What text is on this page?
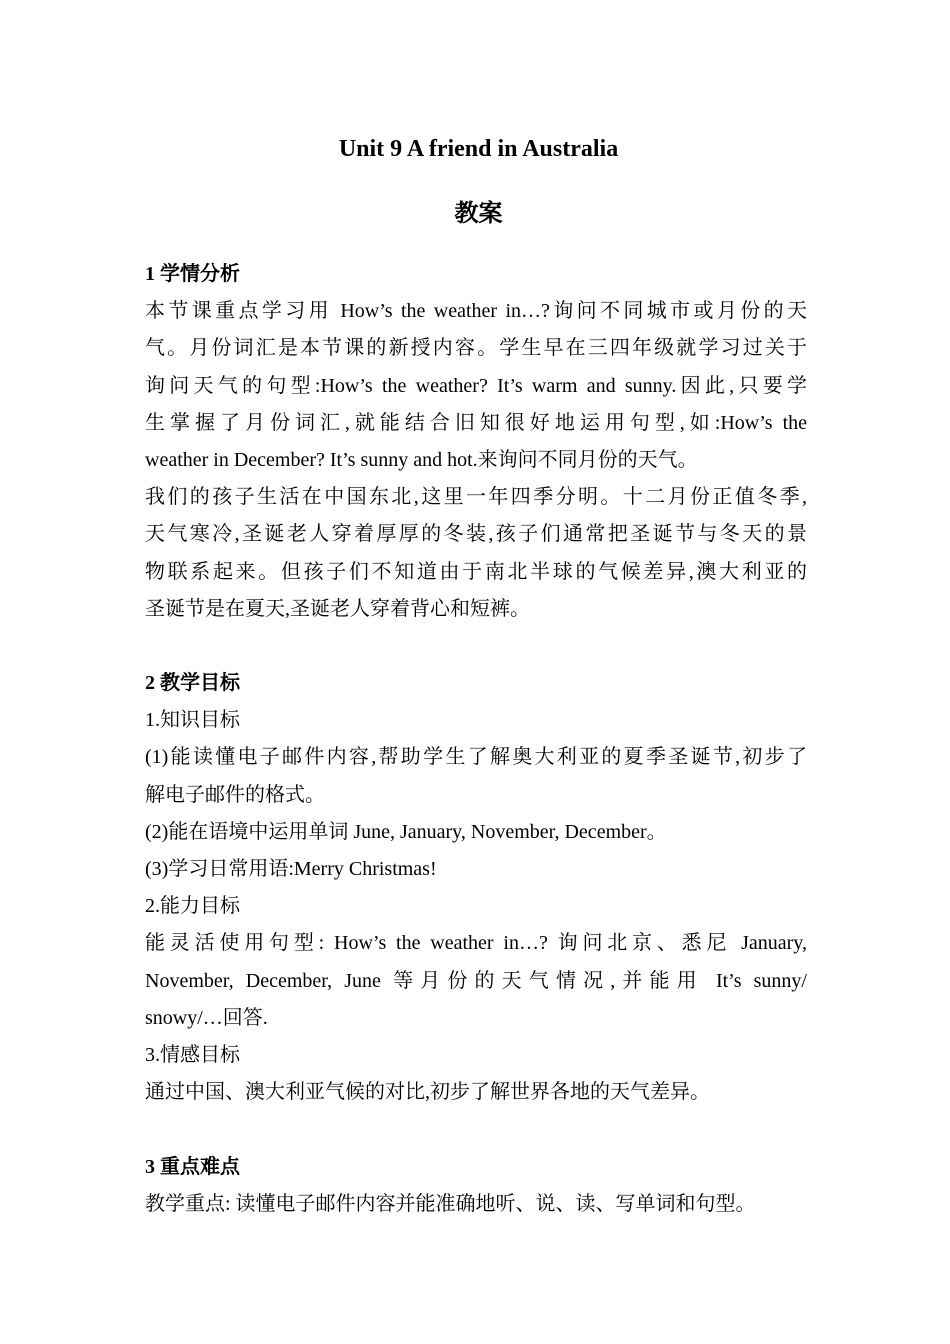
Unit 9 A friend in Australia
教案
1 学情分析
本节课重点学习用 How’s the weather in…?询问不同城市或月份的天
气。月份词汇是本节课的新授内容。学生早在三四年级就学习过关于
询问天气的句型:How’s the weather? It’s warm and sunny.因此,只要学
生掌握了月份词汇,就能结合旧知很好地运用句型,如:How’s the
weather in December? It’s sunny and hot.来询问不同月份的天气。
我们的孩子生活在中国东北,这里一年四季分明。十二月份正值冬季,
天气寒冷,圣诞老人穿着厚厚的冬装,孩子们通常把圣诞节与冬天的景
物联系起来。但孩子们不知道由于南北半球的气候差异,澳大利亚的
圣诞节是在夏天,圣诞老人穿着背心和短裤。
2 教学目标
1.知识目标
(1)能读懂电子邮件内容,帮助学生了解奥大利亚的夏季圣诞节,初步了
解电子邮件的格式。
(2)能在语境中运用单词 June, January, November, December。
(3)学习日常用语:Merry Christmas!
2.能力目标
能灵活使用句型: How’s the weather in…? 询问北京、悉尼 January,
November, December, June 等月份的天气情况,并能用 It’s sunny/
snowy/…回答.
3.情感目标
通过中国、澳大利亚气候的对比,初步了解世界各地的天气差异。
3 重点难点
教学重点: 读懂电子邮件内容并能准确地听、说、读、写单词和句型。
